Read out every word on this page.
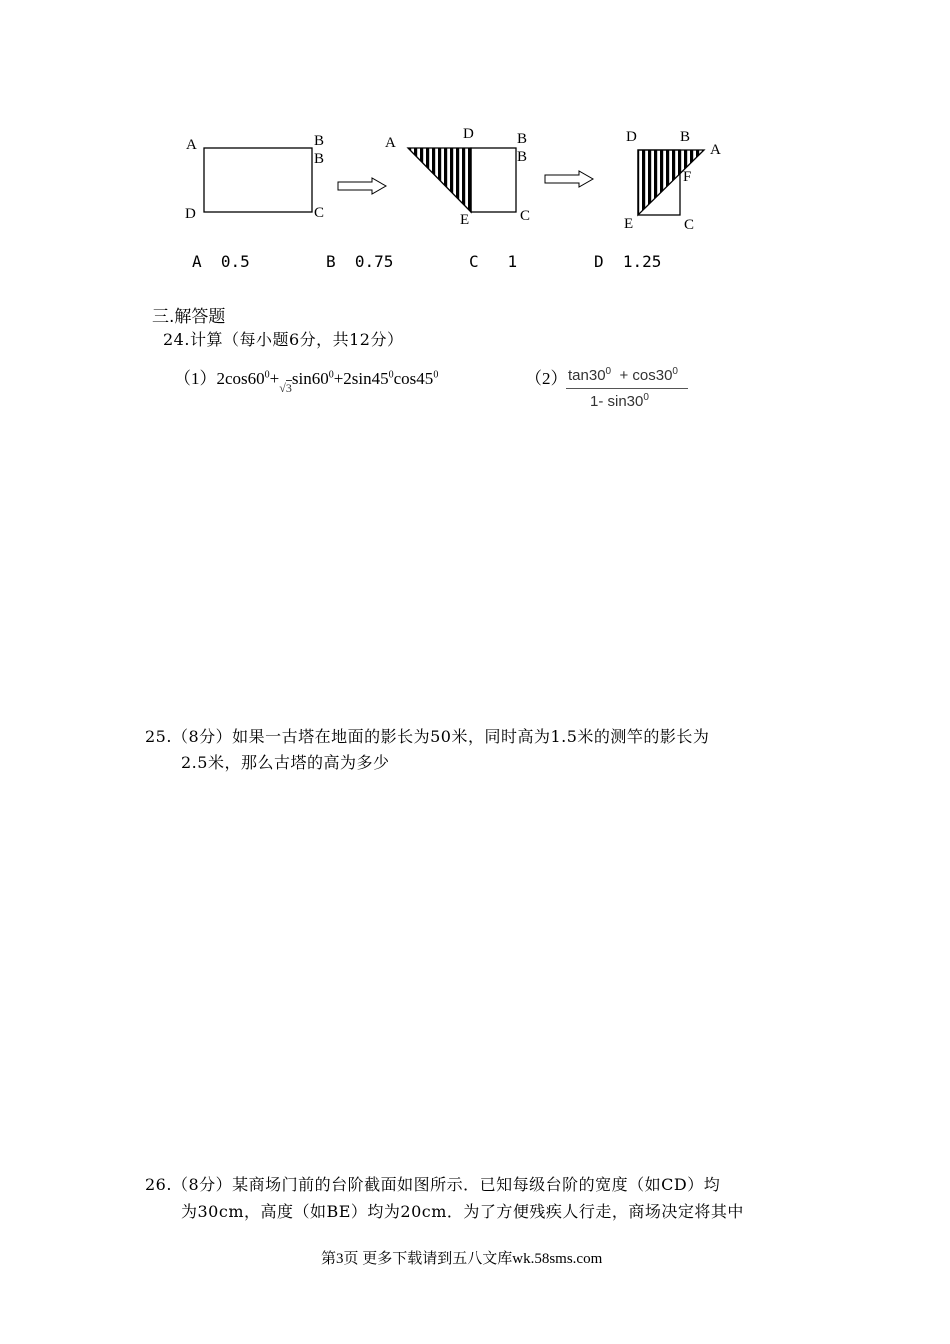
A	B
B
D	C
A
D	B
B
C
E
D	B
A
F
E	C
A 0.5	B 0.75	C 1	D 1.25
三.解答题
24.计算（每小题6分，共12分）
$(1)2\cos 60^0+√3\sin 60^0+2\sin 45^0\cos 45^0$	（2） $\tan 30^0 + \cos 30^0$
1- $\sin 30^0$
25.（8分）如果一古塔在地面的影长为50米，同时高为1.5米的测竿的影长为
2.5米，那么古塔的高为多少
26.（8分）某商场门前的台阶截面如图所示．已知每级台阶的宽度（如CD）均
为30cm，高度（如BE）均为20cm．为了方便残疾人行走，商场决定将其中
第3页 更多下载请到五八文库wk.58sms.com
